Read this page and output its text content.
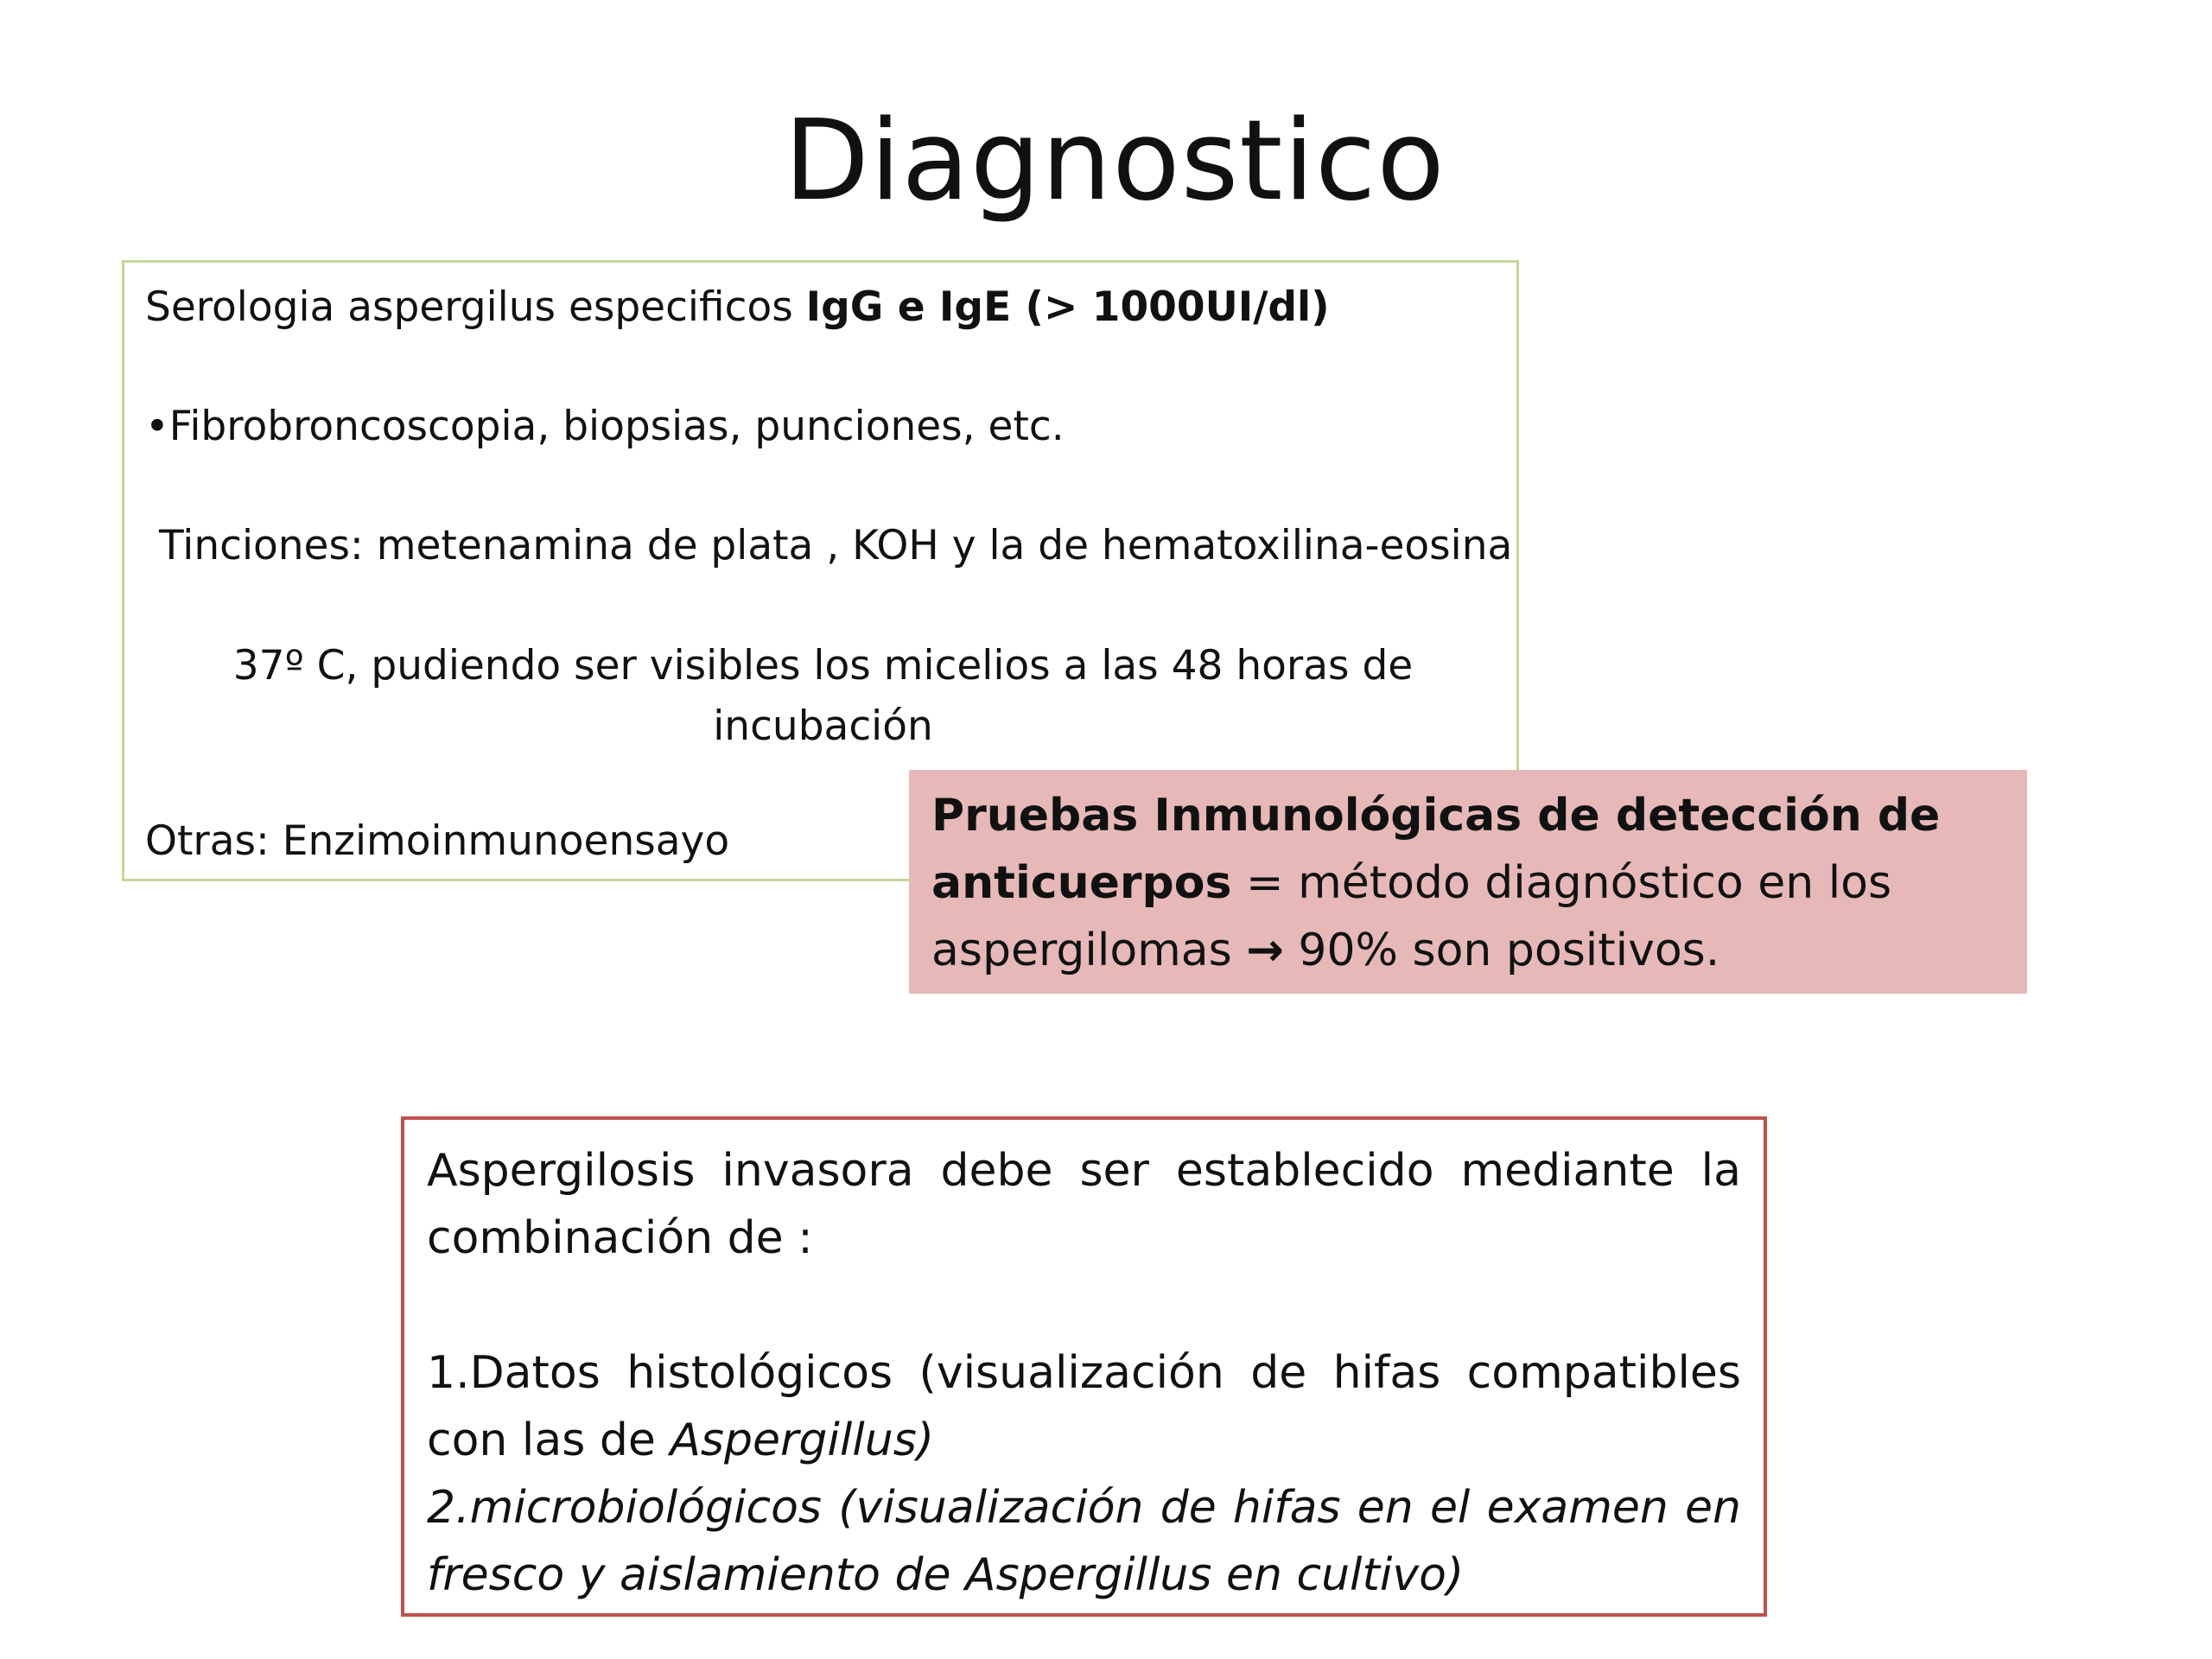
Diagnostico
Serologia aspergilus especificos IgG e IgE (> 1000UI/dl)
•Fibrobroncoscopia, biopsias, punciones, etc.
Tinciones: metenamina de plata , KOH y la de hematoxilina-eosina
37º C, pudiendo ser visibles los micelios a las 48 horas de incubación
Otras: Enzimoinmunoensayo	Pruebas Inmunológicas de detección de anticuerpos = método diagnóstico en los aspergilomas → 90% son positivos.

Aspergilosis invasora debe ser establecido mediante la combinación de :

1.Datos histológicos (visualización de hifas compatibles con las de Aspergillus)

2.microbiológicos (visualización de hifas en el examen en fresco y aislamiento de Aspergillus en cultivo)
